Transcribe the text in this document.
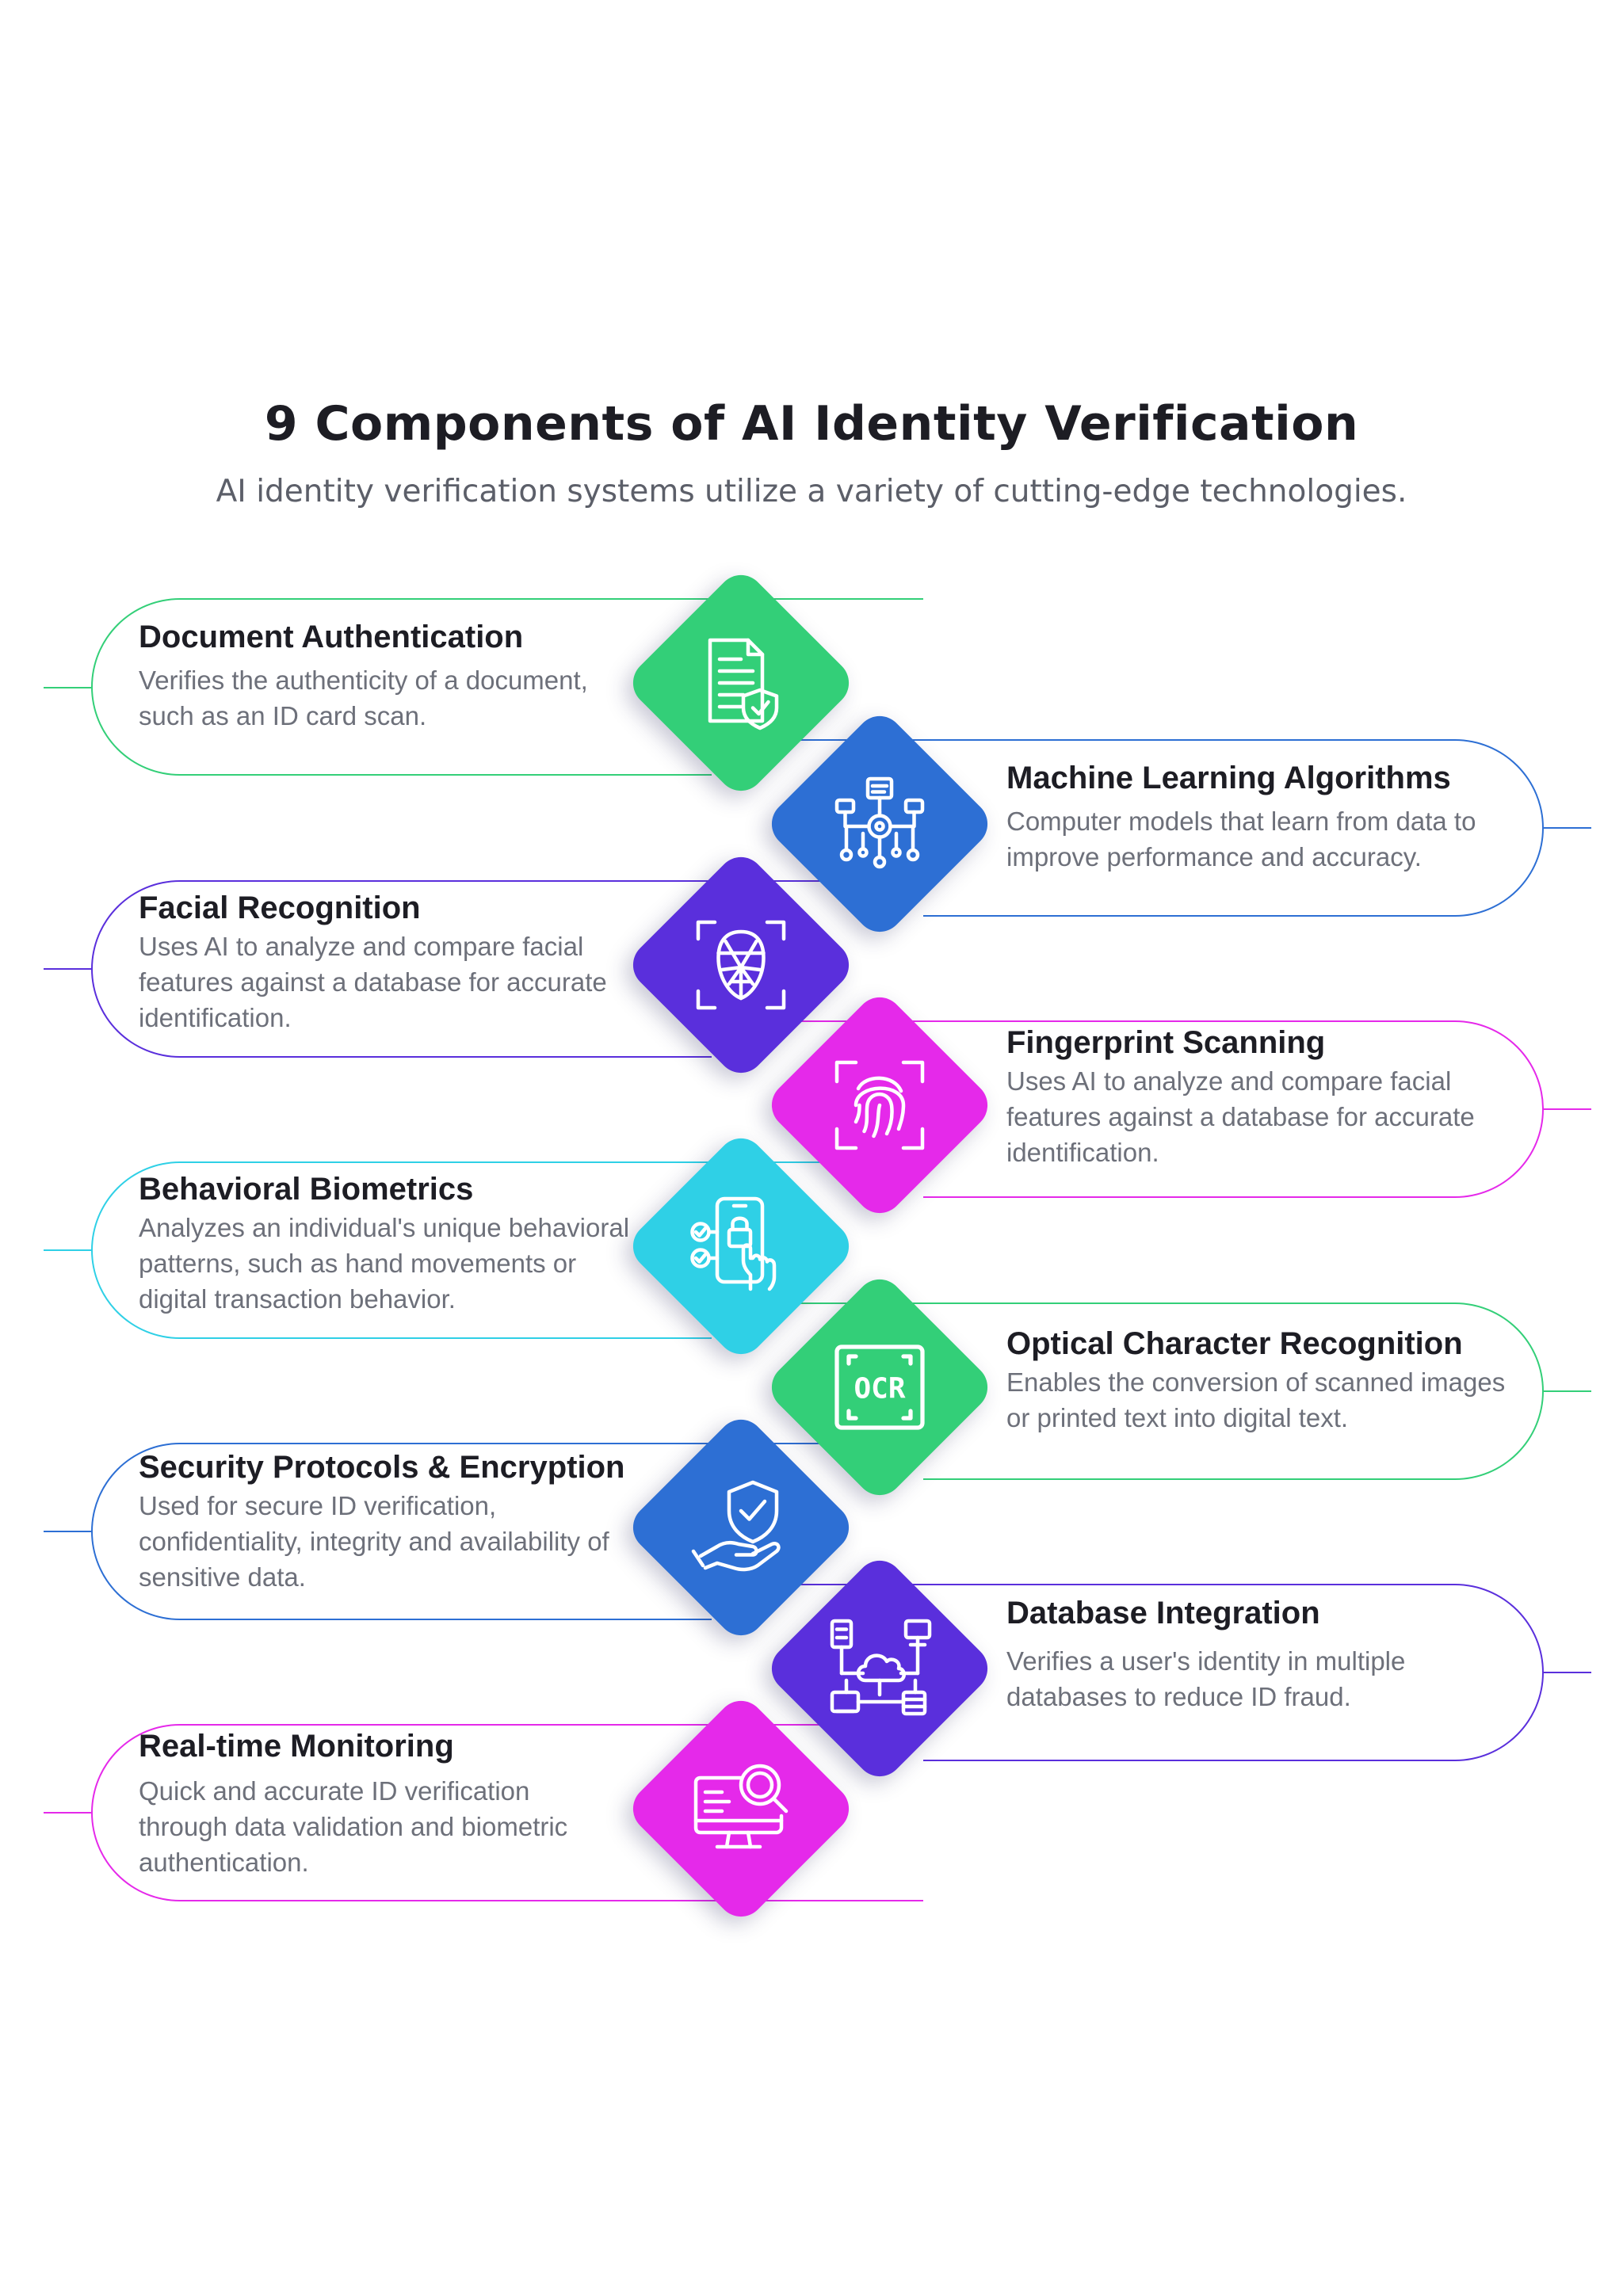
9 Components of AI Identity Verification
AI identity verification systems utilize a variety of cutting-edge technologies.
Document Authentication
Verifies the authenticity of a document, such as an ID card scan.
Machine Learning Algorithms
Computer models that learn from data to improve performance and accuracy.
Facial Recognition
Uses AI to analyze and compare facial features against a database for accurate identification.
Fingerprint Scanning
Uses AI to analyze and compare facial features against a database for accurate identification.
Behavioral Biometrics
Analyzes an individual's unique behavioral patterns, such as hand movements or digital transaction behavior.
Optical Character Recognition
Enables the conversion of scanned images or printed text into digital text.
Security Protocols & Encryption
Used for secure ID verification, confidentiality, integrity and availability of sensitive data.
Database Integration
Verifies a user's identity in multiple databases to reduce ID fraud.
Real-time Monitoring
Quick and accurate ID verification through data validation and biometric authentication.
OCR
